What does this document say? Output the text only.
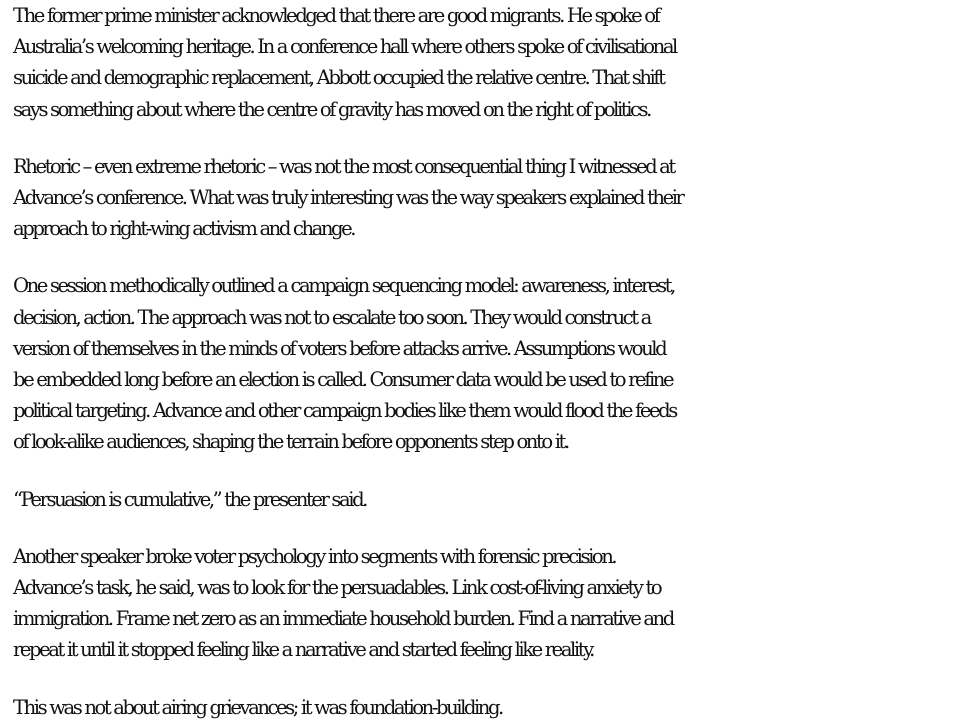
The former prime minister acknowledged that there are good migrants. He spoke of
Australia’s welcoming heritage. In a conference hall where others spoke of civilisational
suicide and demographic replacement, Abbott occupied the relative centre. That shift
says something about where the centre of gravity has moved on the right of politics.

Rhetoric – even extreme rhetoric – was not the most consequential thing I witnessed at
Advance’s conference. What was truly interesting was the way speakers explained their
approach to right-wing activism and change.

One session methodically outlined a campaign sequencing model: awareness, interest,
decision, action. The approach was not to escalate too soon. They would construct a
version of themselves in the minds of voters before attacks arrive. Assumptions would
be embedded long before an election is called. Consumer data would be used to refine
political targeting. Advance and other campaign bodies like them would flood the feeds
of look-alike audiences, shaping the terrain before opponents step onto it.

“Persuasion is cumulative,” the presenter said.

Another speaker broke voter psychology into segments with forensic precision.
Advance’s task, he said, was to look for the persuadables. Link cost-of-living anxiety to
immigration. Frame net zero as an immediate household burden. Find a narrative and
repeat it until it stopped feeling like a narrative and started feeling like reality.

This was not about airing grievances; it was foundation-building.
